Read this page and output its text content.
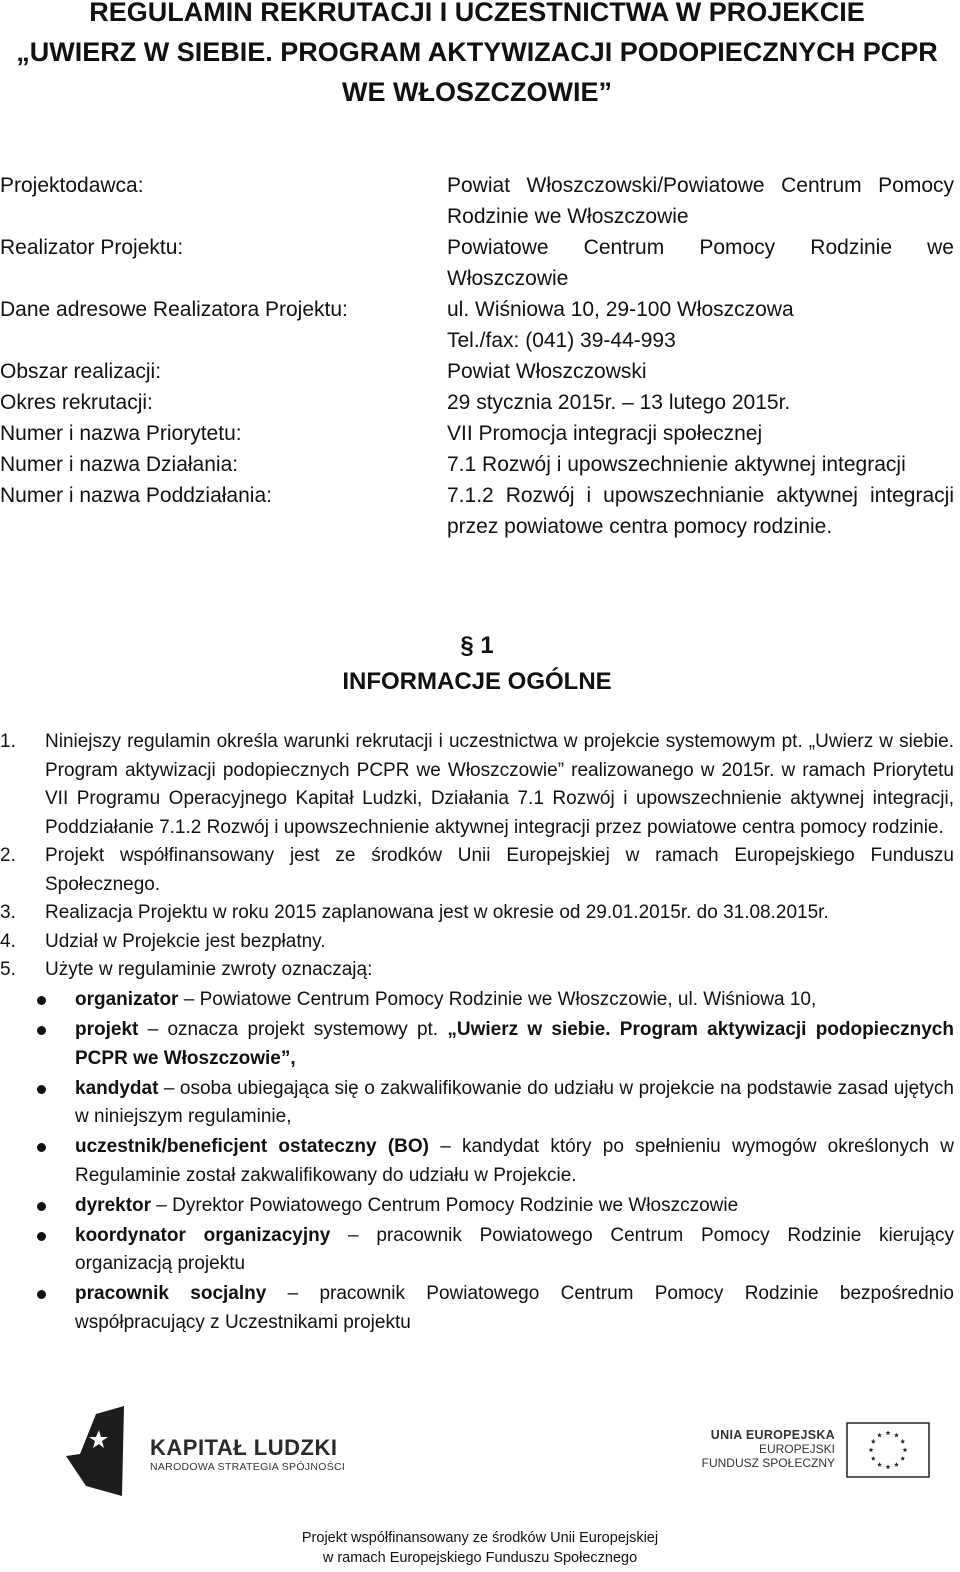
REGULAMIN REKRUTACJI I UCZESTNICTWA W PROJEKCIE
„UWIERZ W SIEBIE. PROGRAM AKTYWIZACJI PODOPIECZNYCH PCPR
WE WŁOSZCZOWIE”
Projektodawca:	Powiat Włoszczowski/Powiatowe Centrum Pomocy Rodzinie we Włoszczowie
Realizator Projektu:	Powiatowe Centrum Pomocy Rodzinie we Włoszczowie
Dane adresowe Realizatora Projektu:	ul. Wiśniowa 10, 29-100 Włoszczowa
Tel./fax: (041) 39-44-993
Obszar realizacji:	Powiat Włoszczowski
Okres rekrutacji:	29 stycznia 2015r. – 13 lutego 2015r.
Numer i nazwa Priorytetu:	VII Promocja integracji społecznej
Numer i nazwa Działania:	7.1 Rozwój i upowszechnienie aktywnej integracji
Numer i nazwa Poddziałania:	7.1.2 Rozwój i upowszechnianie aktywnej integracji przez powiatowe centra pomocy rodzinie.
§ 1
INFORMACJE OGÓLNE
1.	Niniejszy regulamin określa warunki rekrutacji i uczestnictwa w projekcie systemowym pt. „Uwierz w siebie. Program aktywizacji podopiecznych PCPR we Włoszczowie” realizowanego w 2015r. w ramach Priorytetu VII Programu Operacyjnego Kapitał Ludzki, Działania 7.1 Rozwój i upowszechnienie aktywnej integracji, Poddziałanie 7.1.2 Rozwój i upowszechnienie aktywnej integracji przez powiatowe centra pomocy rodzinie.
2.	Projekt współfinansowany jest ze środków Unii Europejskiej w ramach Europejskiego Funduszu Społecznego.
3.	Realizacja Projektu w roku 2015 zaplanowana jest w okresie od 29.01.2015r. do 31.08.2015r.
4.	Udział w Projekcie jest bezpłatny.
5.	Użyte w regulaminie zwroty oznaczają:
organizator – Powiatowe Centrum Pomocy Rodzinie we Włoszczowie, ul. Wiśniowa 10,
projekt – oznacza projekt systemowy pt. „Uwierz w siebie. Program aktywizacji podopiecznych PCPR we Włoszczowie”,
kandydat – osoba ubiegająca się o zakwalifikowanie do udziału w projekcie na podstawie zasad ujętych w niniejszym regulaminie,
uczestnik/beneficjent ostateczny (BO) – kandydat który po spełnieniu wymogów określonych w Regulaminie został zakwalifikowany do udziału w Projekcie.
dyrektor – Dyrektor Powiatowego Centrum Pomocy Rodzinie we Włoszczowie
koordynator organizacyjny – pracownik Powiatowego Centrum Pomocy Rodzinie kierujący organizacją projektu
pracownik socjalny – pracownik Powiatowego Centrum Pomocy Rodzinie bezpośrednio współpracujący z Uczestnikami projektu
KAPITAŁ LUDZKI
NARODOWA STRATEGIA SPÓJNOŚCI
UNIA EUROPEJSKA
EUROPEJSKI
FUNDUSZ SPOŁECZNY
Projekt współfinansowany ze środków Unii Europejskiej
w ramach Europejskiego Funduszu Społecznego
